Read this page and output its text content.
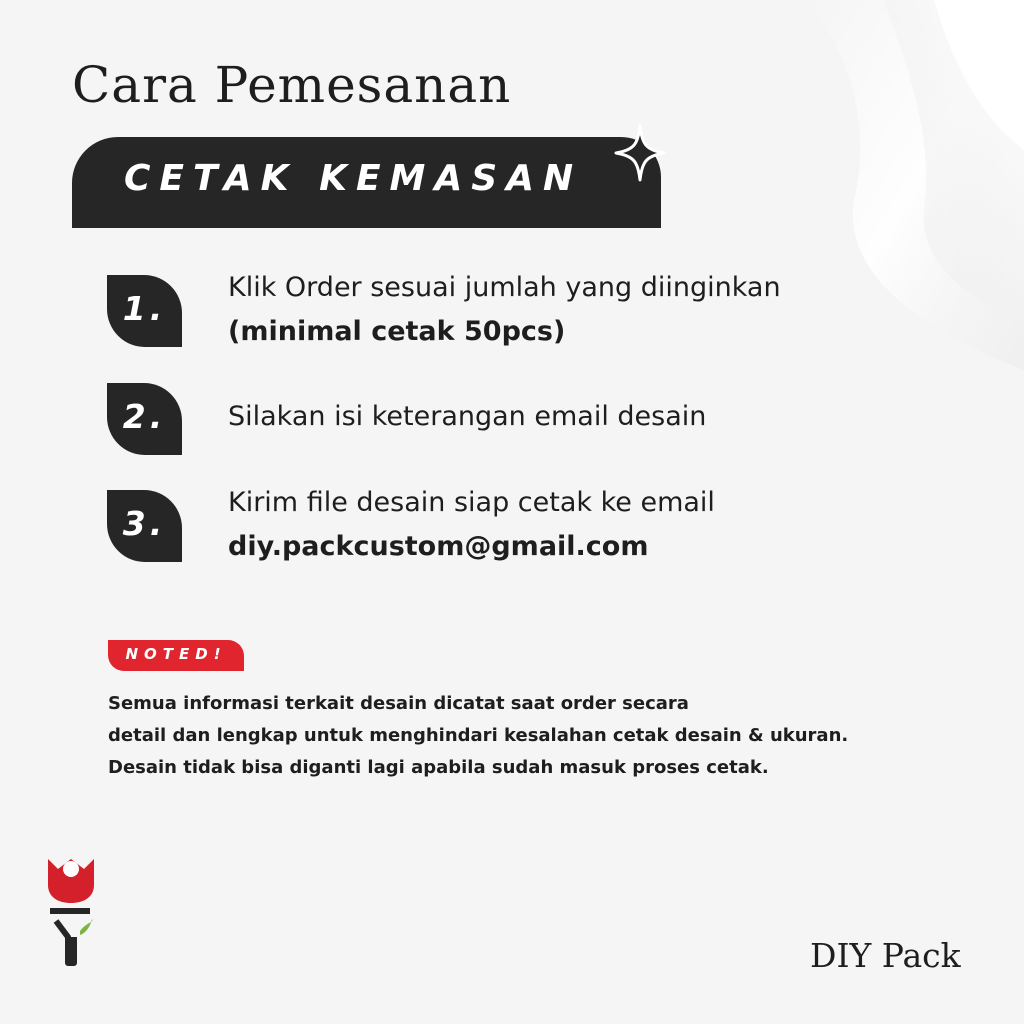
Cara Pemesanan
CETAK KEMASAN
1.
Klik Order sesuai jumlah yang diinginkan
(minimal cetak 50pcs)
2.	Silakan isi keterangan email desain
3.
Kirim file desain siap cetak ke email
diy.packcustom@gmail.com
NOTED!
Semua informasi terkait desain dicatat saat order secara
detail dan lengkap untuk menghindari kesalahan cetak desain & ukuran.
Desain tidak bisa diganti lagi apabila sudah masuk proses cetak.
DIY Pack
